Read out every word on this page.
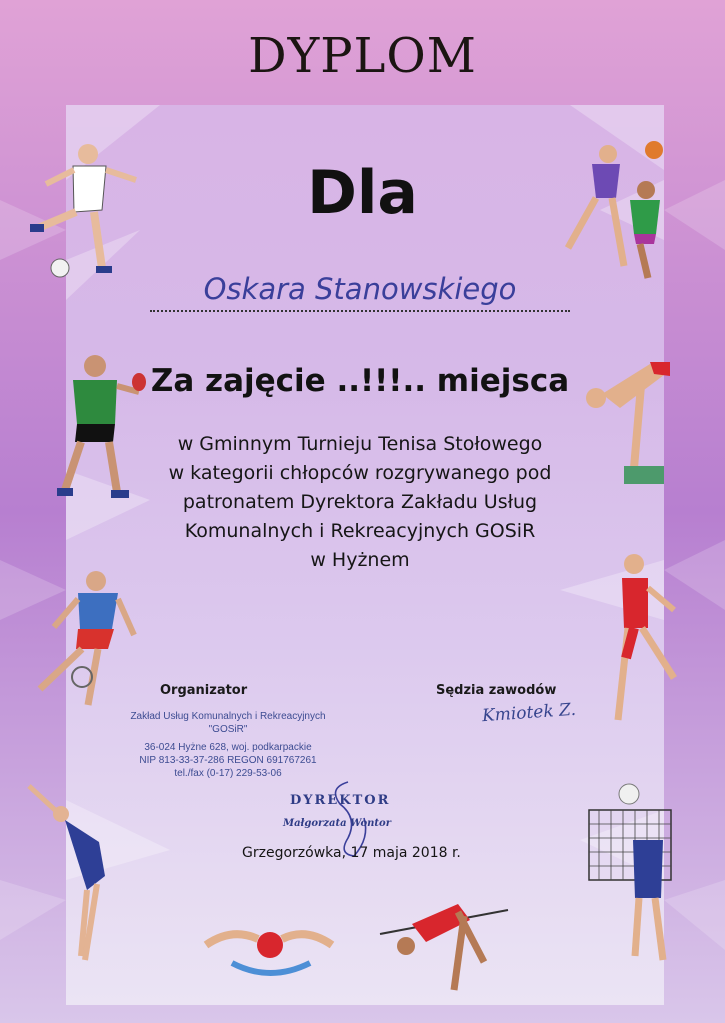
DYPLOM
Dla
Oskara Stanowskiego
Za zajęcie ..!!!.. miejsca
w Gminnym Turnieju Tenisa Stołowego
w kategorii chłopców rozgrywanego pod
patronatem Dyrektora Zakładu Usług
Komunalnych i Rekreacyjnych GOSiR
w Hyżnem
Organizator	Sędzia zawodów
Zakład Usług Komunalnych i Rekreacyjnych
"GOSiR"
36-024 Hyżne 628, woj. podkarpackie
NIP 813-33-37-286 REGON 691767261
tel./fax (0-17) 229-53-06
Kmiotek Z.
DYREKTOR
Małgorzata Wontor
Grzegorzówka, 17 maja 2018 r.
